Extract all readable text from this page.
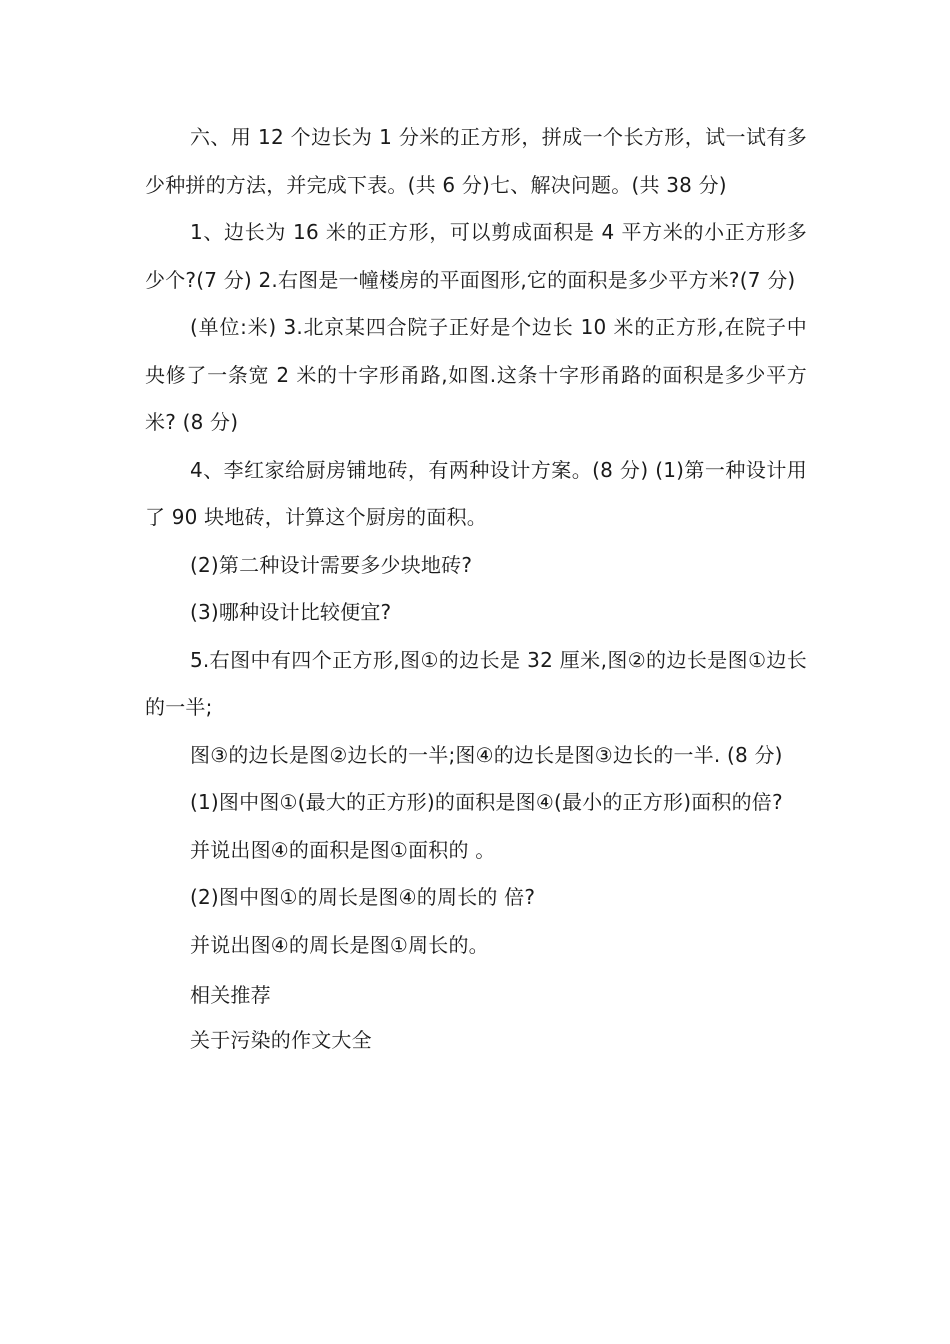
六、用 12 个边长为 1 分米的正方形，拼成一个长方形，试一试有多少种拼的方法，并完成下表。(共 6 分)七、解决问题。(共 38 分)

1、边长为 16 米的正方形，可以剪成面积是 4 平方米的小正方形多少个?(7 分) 2.右图是一幢楼房的平面图形,它的面积是多少平方米?(7 分)

(单位:米) 3.北京某四合院子正好是个边长 10 米的正方形,在院子中央修了一条宽 2 米的十字形甬路,如图.这条十字形甬路的面积是多少平方米? (8 分)

4、李红家给厨房铺地砖，有两种设计方案。(8 分) (1)第一种设计用了 90 块地砖，计算这个厨房的面积。

(2)第二种设计需要多少块地砖?

(3)哪种设计比较便宜?

5.右图中有四个正方形,图①的边长是 32 厘米,图②的边长是图①边长的一半;

图③的边长是图②边长的一半;图④的边长是图③边长的一半. (8 分)

(1)图中图①(最大的正方形)的面积是图④(最小的正方形)面积的倍?

并说出图④的面积是图①面积的 。

(2)图中图①的周长是图④的周长的 倍?

并说出图④的周长是图①周长的。

相关推荐

关于污染的作文大全
